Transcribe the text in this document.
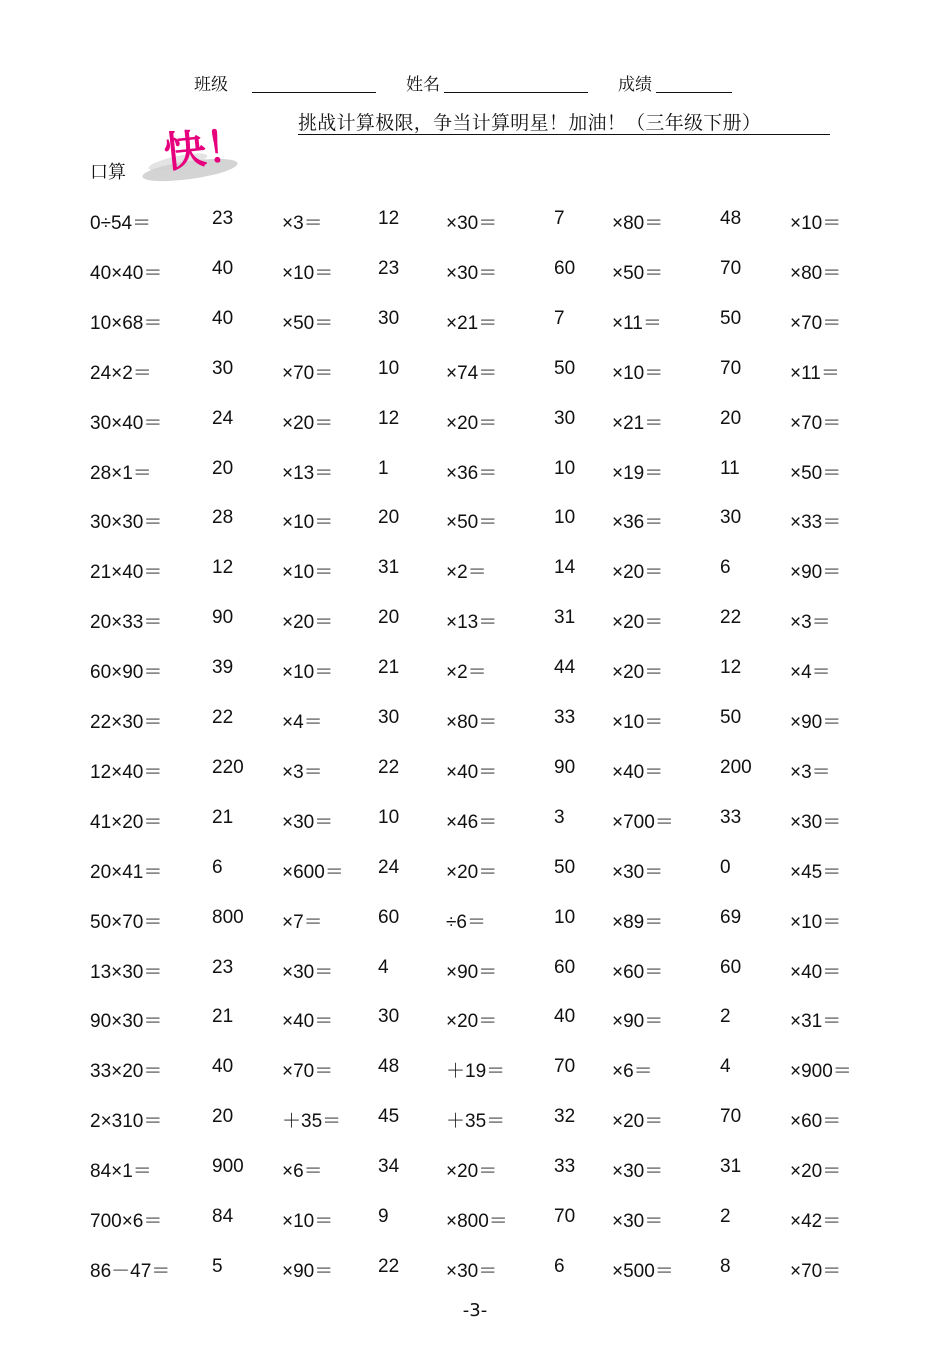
班级	姓名	成绩
挑战计算极限，争当计算明星！加油！（三年级下册）
口算 快！
0÷54＝	23	×3＝	12 ×30＝	7 ×80＝	48	×10＝
40×40＝	40	×10＝ 23 ×30＝	60 ×50＝	70	×80＝
10×68＝	40	×50＝ 30 ×21＝	7 ×11＝	50	×70＝
24×2＝	30	×70＝ 10 ×74＝	50 ×10＝	70	×11＝
30×40＝	24	×20＝ 12 ×20＝	30 ×21＝	20	×70＝
28×1＝	20	×13＝ 1	×36＝	10 ×19＝	11	×50＝
30×30＝	28	×10＝ 20 ×50＝	10 ×36＝	30	×33＝
21×40＝	12	×10＝ 31 ×2＝	14 ×20＝	6	×90＝
20×33＝	90	×20＝ 20 ×13＝	31 ×20＝	22	×3＝
60×90＝	39	×10＝ 21 ×2＝	44 ×20＝	12	×4＝
22×30＝	22	×4＝	30 ×80＝	33 ×10＝	50	×90＝
12×40＝	220 ×3＝	22 ×40＝	90 ×40＝	200 ×3＝
41×20＝	21	×30＝ 10 ×46＝	3 ×700＝ 33	×30＝
20×41＝	6	×600＝ 24 ×20＝	50 ×30＝	0	×45＝
50×70＝	800 ×7＝	60 ÷6＝	10 ×89＝	69	×10＝
13×30＝	23	×30＝ 4	×90＝	60 ×60＝	60	×40＝
90×30＝	21	×40＝ 30 ×20＝	40 ×90＝	2	×31＝
33×20＝	40	×70＝ 48 ＋19＝	70 ×6＝	4	×900＝
2×310＝	20	＋35＝ 45 ＋35＝	32 ×20＝	70	×60＝
84×1＝	900 ×6＝	34 ×20＝	33 ×30＝	31	×20＝
700×6＝	84	×10＝ 9	×800＝ 70 ×30＝	2	×42＝
86－47＝ 5	×90＝ 22 ×30＝	6 ×500＝ 8	×70＝
-3-
